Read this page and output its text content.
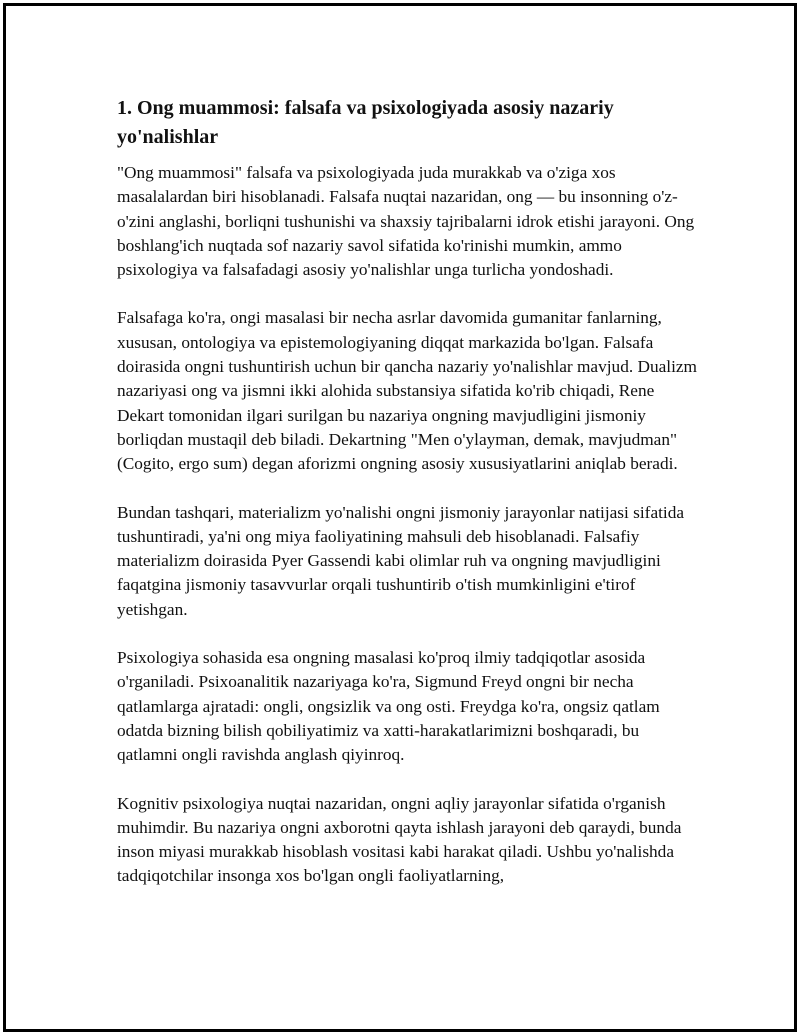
1. Ong muammosi: falsafa va psixologiyada asosiy nazariy yo'nalishlar

"Ong muammosi" falsafa va psixologiyada juda murakkab va o'ziga xos masalalardan biri hisoblanadi. Falsafa nuqtai nazaridan, ong — bu insonning o'z-o'zini anglashi, borliqni tushunishi va shaxsiy tajribalarni idrok etishi jarayoni. Ong boshlang'ich nuqtada sof nazariy savol sifatida ko'rinishi mumkin, ammo psixologiya va falsafadagi asosiy yo'nalishlar unga turlicha yondoshadi.

Falsafaga ko'ra, ongi masalasi bir necha asrlar davomida gumanitar fanlarning, xususan, ontologiya va epistemologiyaning diqqat markazida bo'lgan. Falsafa doirasida ongni tushuntirish uchun bir qancha nazariy yo'nalishlar mavjud. Dualizm nazariyasi ong va jismni ikki alohida substansiya sifatida ko'rib chiqadi, Rene Dekart tomonidan ilgari surilgan bu nazariya ongning mavjudligini jismoniy borliqdan mustaqil deb biladi. Dekartning "Men o'ylayman, demak, mavjudman" (Cogito, ergo sum) degan aforizmi ongning asosiy xususiyatlarini aniqlab beradi.

Bundan tashqari, materializm yo'nalishi ongni jismoniy jarayonlar natijasi sifatida tushuntiradi, ya'ni ong miya faoliyatining mahsuli deb hisoblanadi. Falsafiy materializm doirasida Pyer Gassendi kabi olimlar ruh va ongning mavjudligini faqatgina jismoniy tasavvurlar orqali tushuntirib o'tish mumkinligini e'tirof yetishgan.

Psixologiya sohasida esa ongning masalasi ko'proq ilmiy tadqiqotlar asosida o'rganiladi. Psixoanalitik nazariyaga ko'ra, Sigmund Freyd ongni bir necha qatlamlarga ajratadi: ongli, ongsizlik va ong osti. Freydga ko'ra, ongsiz qatlam odatda bizning bilish qobiliyatimiz va xatti-harakatlarimizni boshqaradi, bu qatlamni ongli ravishda anglash qiyinroq.

Kognitiv psixologiya nuqtai nazaridan, ongni aqliy jarayonlar sifatida o'rganish muhimdir. Bu nazariya ongni axborotni qayta ishlash jarayoni deb qaraydi, bunda inson miyasi murakkab hisoblash vositasi kabi harakat qiladi. Ushbu yo'nalishda tadqiqotchilar insonga xos bo'lgan ongli faoliyatlarning,
